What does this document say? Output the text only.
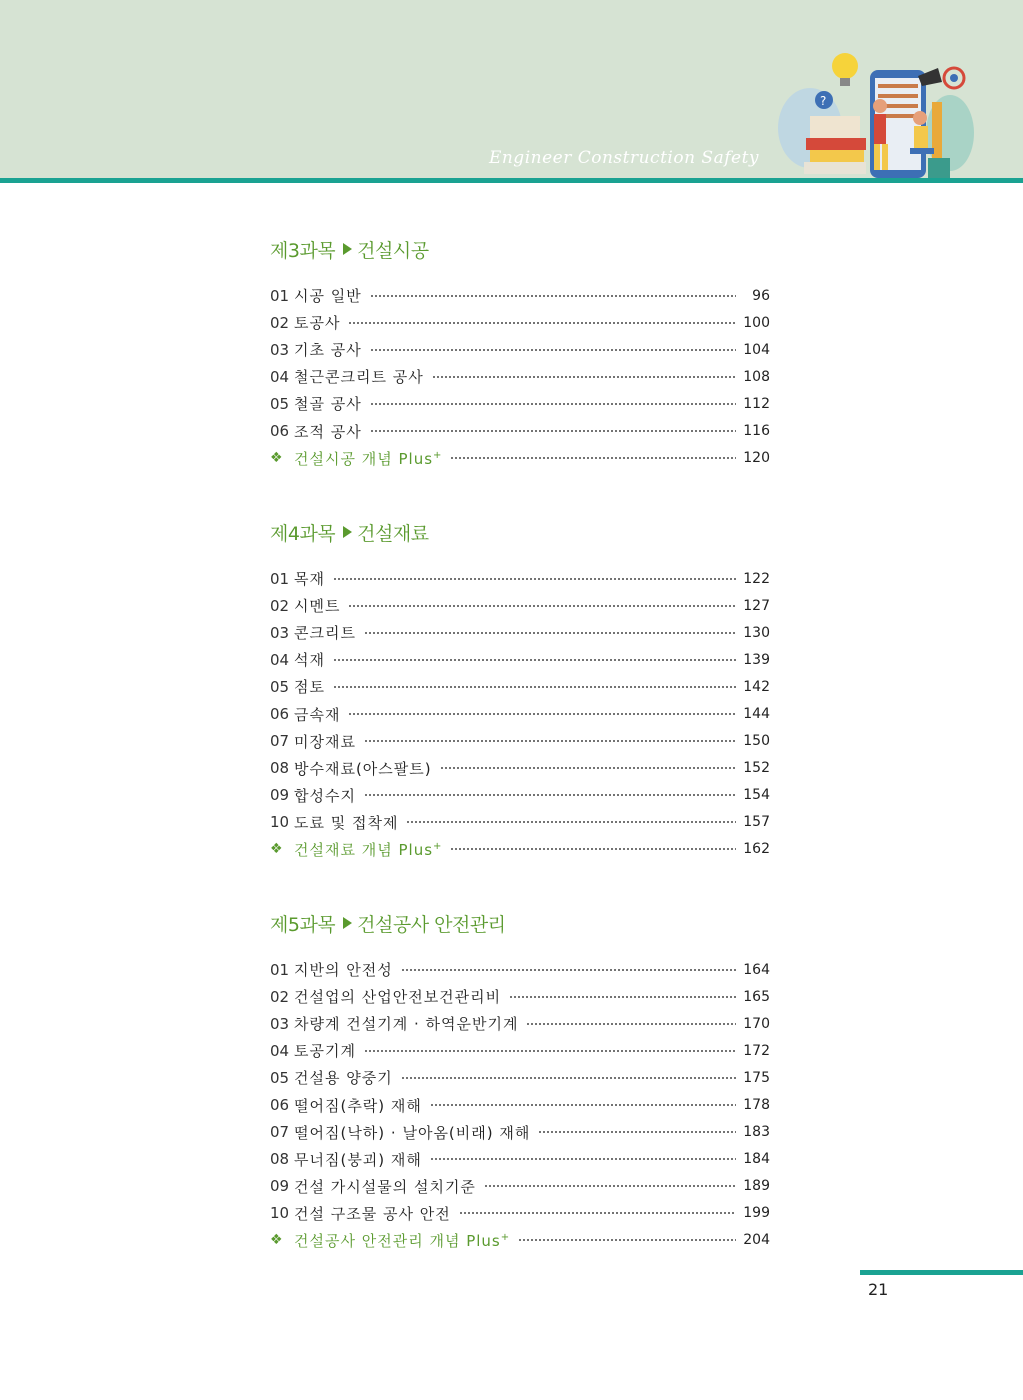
Engineer Construction Safety
?
제3과목 건설시공
01 시공 일반	96
02 토공사	100
03 기초 공사	104
04 철근콘크리트 공사	108
05 철골 공사	112
06 조적 공사	116
❖ 건설시공 개념 Plus+	120
제4과목 건설재료
01 목재	122
02 시멘트	127
03 콘크리트	130
04 석재	139
05 점토	142
06 금속재	144
07 미장재료	150
08 방수재료(아스팔트)	152
09 합성수지	154
10 도료 및 접착제	157
❖ 건설재료 개념 Plus+	162
제5과목 건설공사 안전관리
01 지반의 안전성	164
02 건설업의 산업안전보건관리비	165
03 차량계 건설기계 · 하역운반기계	170
04 토공기계	172
05 건설용 양중기	175
06 떨어짐(추락) 재해	178
07 떨어짐(낙하) · 날아옴(비래) 재해	183
08 무너짐(붕괴) 재해	184
09 건설 가시설물의 설치기준	189
10 건설 구조물 공사 안전	199
❖ 건설공사 안전관리 개념 Plus+	204
21
